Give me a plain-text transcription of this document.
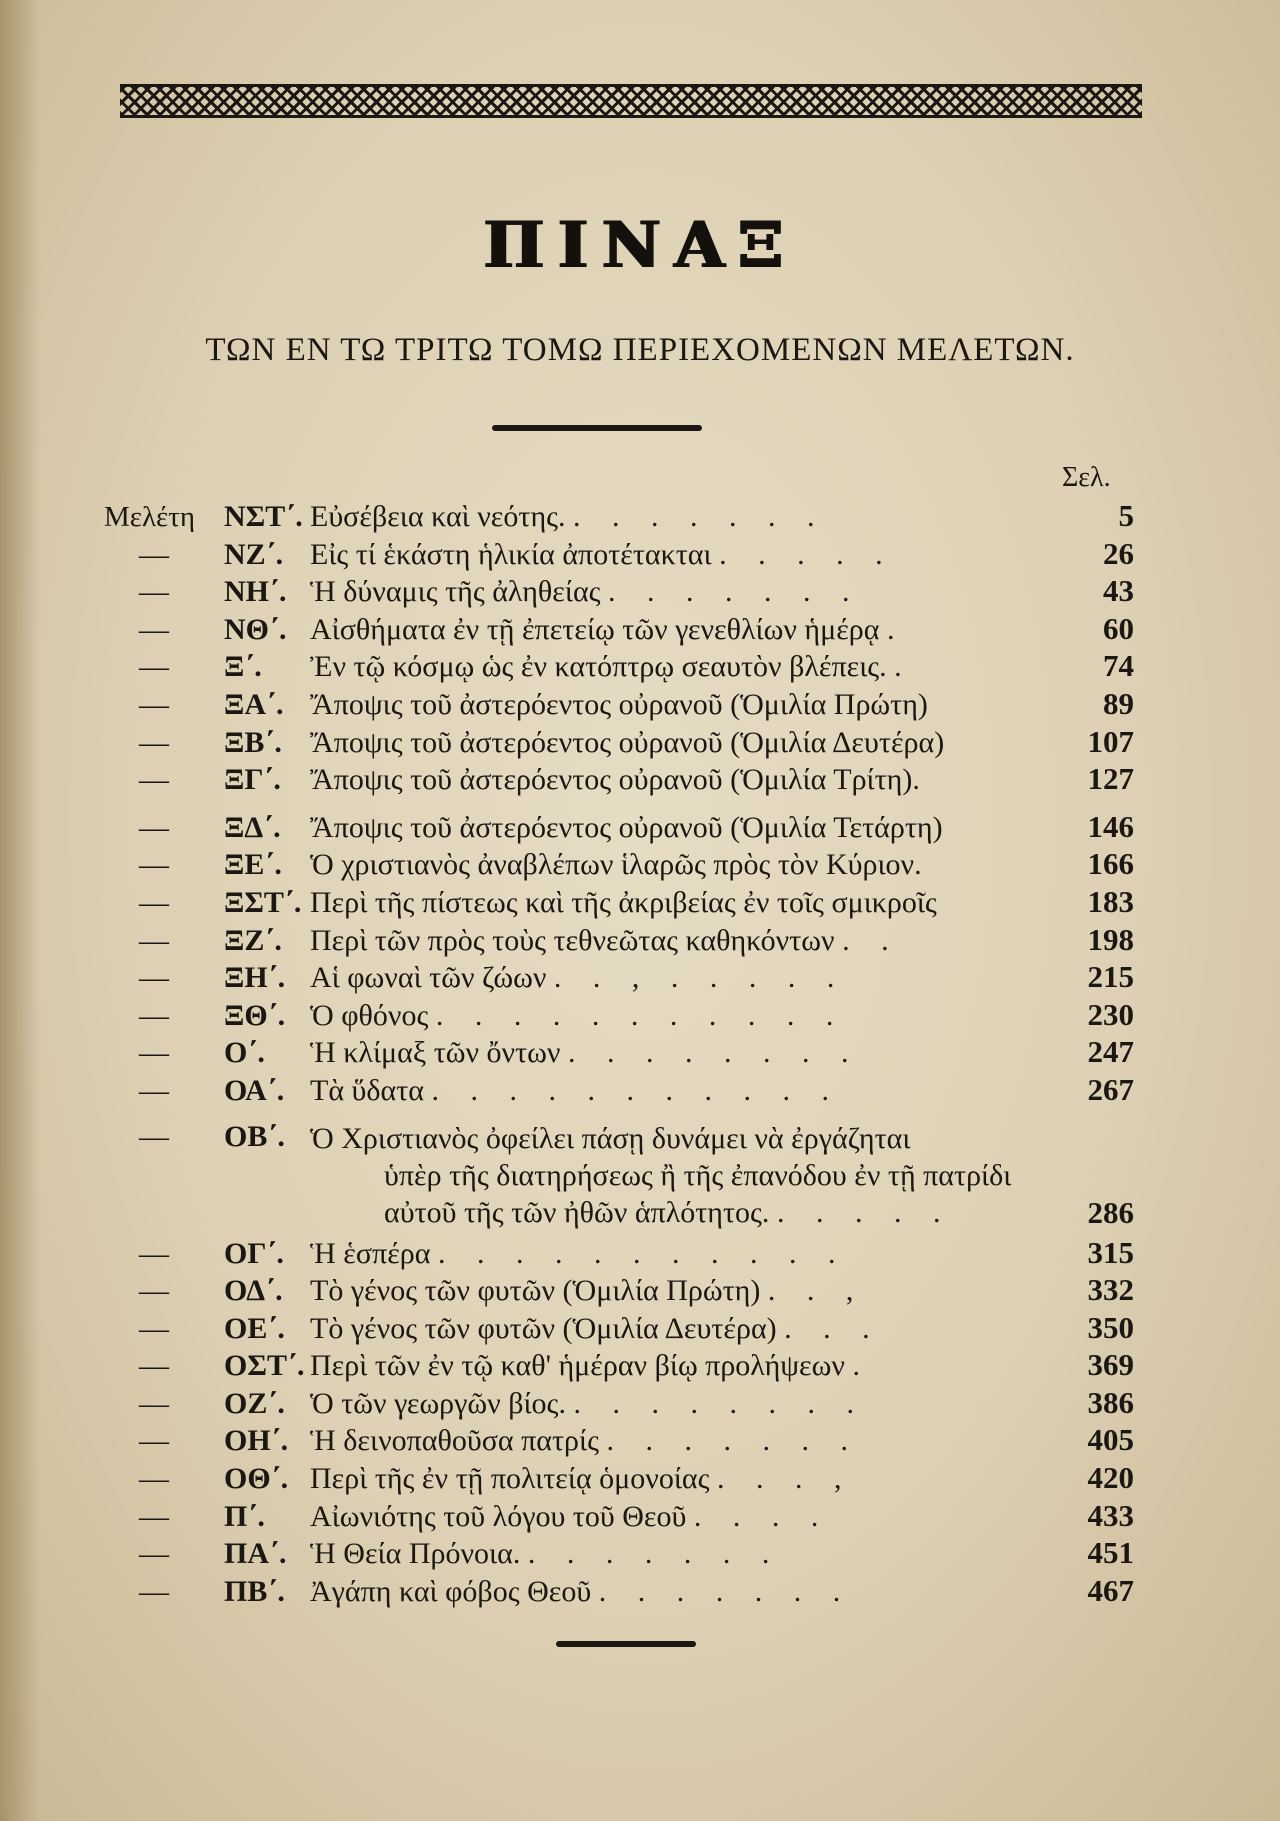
ΠΙΝΑΞ
ΤΩΝ ΕΝ ΤΩ ΤΡΙΤΩ ΤΟΜΩ ΠΕΡΙΕΧΟΜΕΝΩΝ ΜΕΛΕΤΩΝ.
Σελ.
Μελέτη ΝΣΤ΄. Εὐσέβεια καὶ νεότης. . . . . . . .	5
—	ΝΖ΄. Εἰς τί ἑκάστη ἡλικία ἀποτέτακται . . . . .	26
—	ΝΗ΄. Ἡ δύναμις τῆς ἀληθείας . . . . . . .	43
—	ΝΘ΄. Αἰσθήματα ἐν τῇ ἐπετείῳ τῶν γενεθλίων ἡμέρᾳ .	60
—	Ξ΄.	Ἐν τῷ κόσμῳ ὡς ἐν κατόπτρῳ σεαυτὸν βλέπεις. .	74
—	ΞΑ΄. Ἄποψις τοῦ ἀστερόεντος οὐρανοῦ (Ὁμιλία Πρώτη)	89
—	ΞΒ΄. Ἄποψις τοῦ ἀστερόεντος οὐρανοῦ (Ὁμιλία Δευτέρα)	107
—	ΞΓ΄. Ἄποψις τοῦ ἀστερόεντος οὐρανοῦ (Ὁμιλία Τρίτη).	127
—	ΞΔ΄. Ἄποψις τοῦ ἀστερόεντος οὐρανοῦ (Ὁμιλία Τετάρτη)	146
—	ΞΕ΄. Ὁ χριστιανὸς ἀναβλέπων ἱλαρῶς πρὸς τὸν Κύριον.	166
—	ΞΣΤ΄. Περὶ τῆς πίστεως καὶ τῆς ἀκριβείας ἐν τοῖς σμικροῖς	183
—	ΞΖ΄. Περὶ τῶν πρὸς τοὺς τεθνεῶτας καθηκόντων . .	198
—	ΞΗ΄. Αἱ φωναὶ τῶν ζώων . . , . . . . .	215
—	ΞΘ΄. Ὁ φθόνος . . . . . . . . . . .	230
—	Ο΄.	Ἡ κλίμαξ τῶν ὄντων . . . . . . . .	247
—	ΟΑ΄. Τὰ ὕδατα . . . . . . . . . . .	267
—	ΟΒ΄. Ὁ Χριστιανὸς ὀφείλει πάσῃ δυνάμει νὰ ἐργάζηται
ὑπὲρ τῆς διατηρήσεως ἢ τῆς ἐπανόδου ἐν τῇ πατρίδι
αὐτοῦ τῆς τῶν ἠθῶν ἁπλότητος. . . . . .	286
—	ΟΓ΄. Ἡ ἑσπέρα . . . . . . . . . . .	315
—	ΟΔ΄. Τὸ γένος τῶν φυτῶν (Ὁμιλία Πρώτη) . . ,	332
—	ΟΕ΄. Τὸ γένος τῶν φυτῶν (Ὁμιλία Δευτέρα) . . .	350
—	ΟΣΤ΄. Περὶ τῶν ἐν τῷ καθ' ἡμέραν βίῳ προλήψεων .	369
—	ΟΖ΄. Ὁ τῶν γεωργῶν βίος. . . . . . . . .	386
—	ΟΗ΄. Ἡ δεινοπαθοῦσα πατρίς . . . . . . .	405
—	ΟΘ΄. Περὶ τῆς ἐν τῇ πολιτείᾳ ὁμονοίας . . . ,	420
—	Π΄.	Αἰωνιότης τοῦ λόγου τοῦ Θεοῦ . . . .	433
—	ΠΑ΄. Ἡ Θεία Πρόνοια. . . . . . . .	451
—	ΠΒ΄. Ἀγάπη καὶ φόβος Θεοῦ . . . . . . .	467
